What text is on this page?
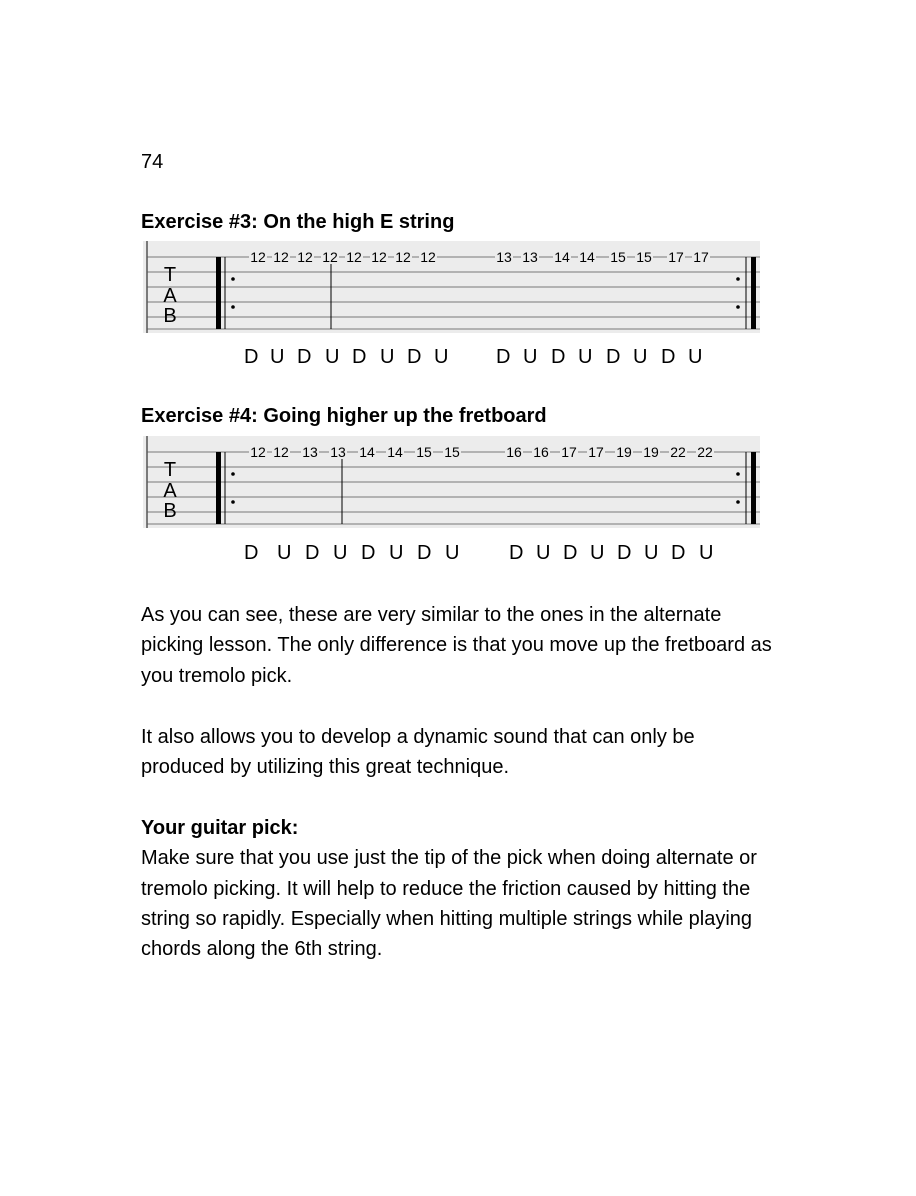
74
Exercise #3: On the high E string
T
A
B
12 12 12 12 12 12 12 12	13 13 14 14 15 15 17 17
D U D U D U D U D U D U D U D U
Exercise #4: Going higher up the fretboard
T
A
B
12 12 13 13 14 14 15 15	16 16 17 17 19 19 22 22
D U D U D U D U D U D U D U D U

As you can see, these are very similar to the ones in the alternate picking lesson. The only difference is that you move up the fretboard as you tremolo pick.

It also allows you to develop a dynamic sound that can only be produced by utilizing this great technique.

Your guitar pick:

Make sure that you use just the tip of the pick when doing alternate or tremolo picking. It will help to reduce the friction caused by hitting the string so rapidly. Especially when hitting multiple strings while playing chords along the 6th string.
